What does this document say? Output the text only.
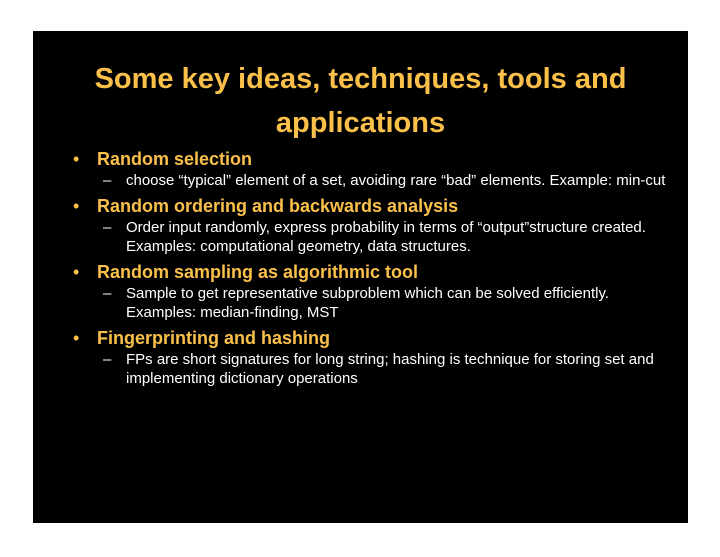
Some key ideas, techniques, tools and
applications
• Random selection
– choose “typical” element of a set, avoiding rare “bad” elements. Example: min-cut
• Random ordering and backwards analysis
– Order input randomly, express probability in terms of “output”structure created. Examples: computational geometry, data structures.
• Random sampling as algorithmic tool
– Sample to get representative subproblem which can be solved efficiently. Examples: median-finding, MST
• Fingerprinting and hashing
– FPs are short signatures for long string; hashing is technique for storing set and implementing dictionary operations
